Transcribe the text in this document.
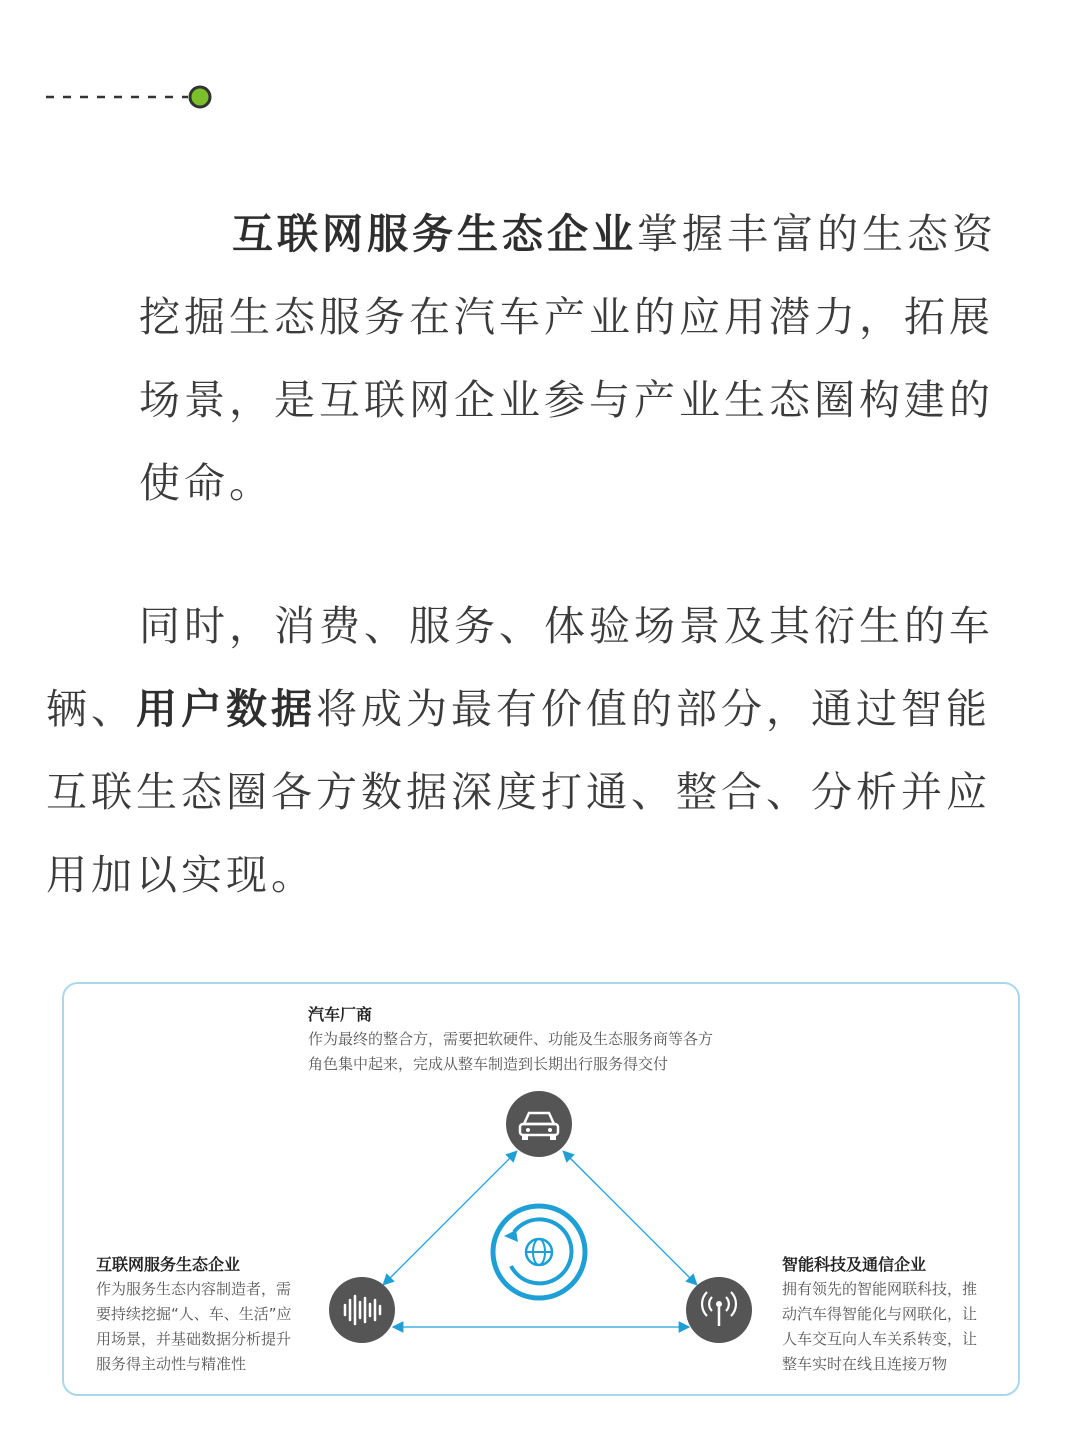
互联网服务生态企业掌握丰富的生态资
挖掘生态服务在汽车产业的应用潜力，拓展
场景，是互联网企业参与产业生态圈构建的
使命。
同时，消费、服务、体验场景及其衍生的车
辆、用户数据将成为最有价值的部分，通过智能
互联生态圈各方数据深度打通、整合、分析并应
用加以实现。
汽车厂商
作为最终的整合方，需要把软硬件、功能及生态服务商等各方
角色集中起来，完成从整车制造到长期出行服务得交付
互联网服务生态企业
作为服务生态内容制造者，需
要持续挖掘“人、车、生活”应
用场景，并基础数据分析提升
服务得主动性与精准性
智能科技及通信企业
拥有领先的智能网联科技，推
动汽车得智能化与网联化，让
人车交互向人车关系转变，让
整车实时在线且连接万物
